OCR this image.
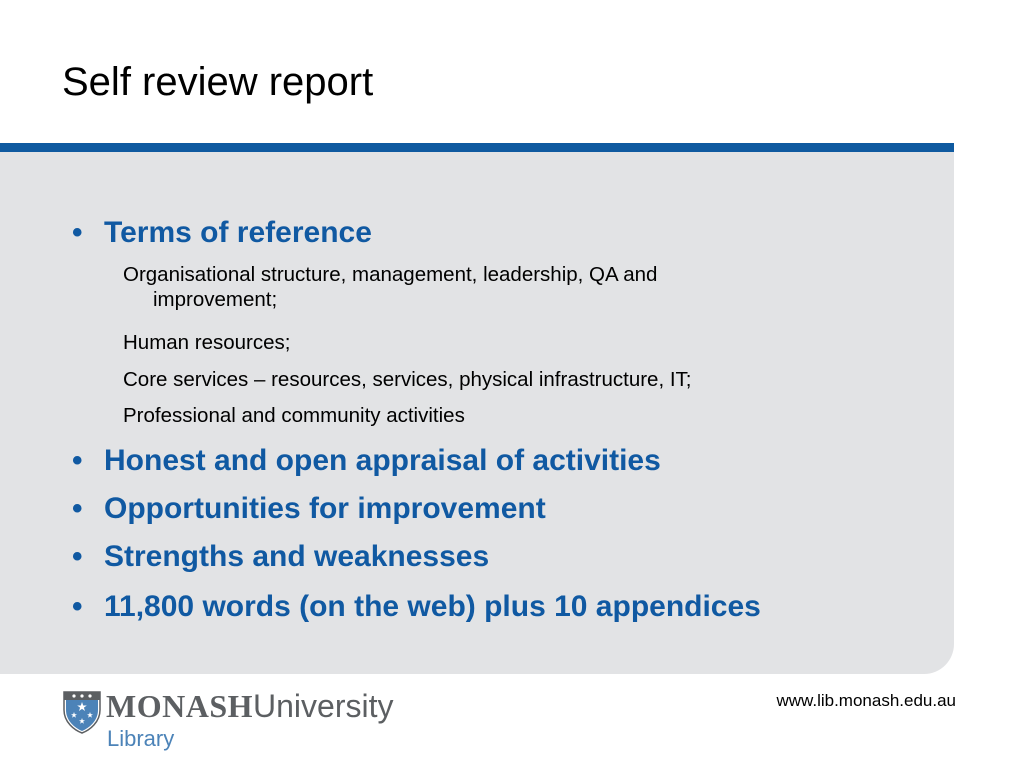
Self review report
• Terms of reference
Organisational structure, management, leadership, QA and
improvement;
Human resources;
Core services – resources, services, physical infrastructure, IT;
Professional and community activities
• Honest and open appraisal of activities
• Opportunities for improvement
• Strengths and weaknesses
• 11,800 words (on the web) plus 10 appendices
MONASHUniversity
Library
www.lib.monash.edu.au
